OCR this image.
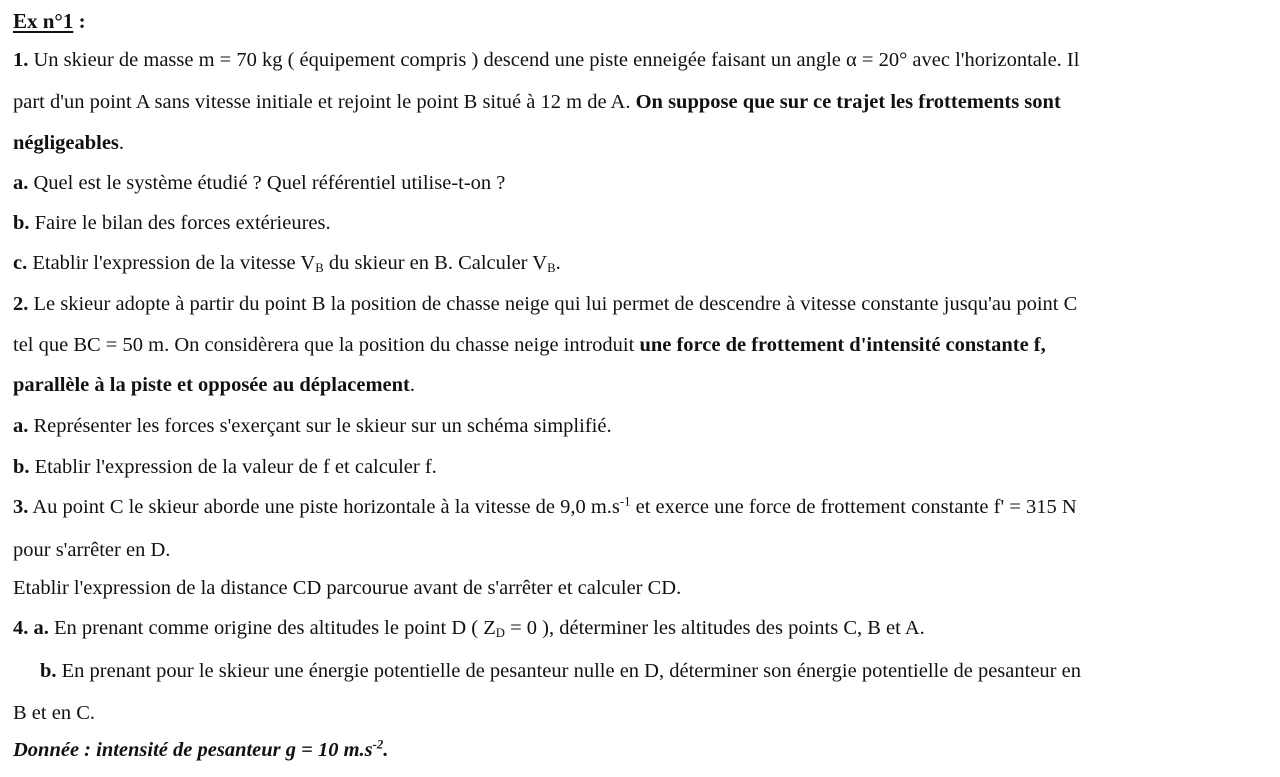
Ex n°1 :
1. Un skieur de masse m = 70 kg ( équipement compris ) descend une piste enneigée faisant un angle α = 20° avec l'horizontale. Il
part d'un point A sans vitesse initiale et rejoint le point B situé à 12 m de A. On suppose que sur ce trajet les frottements sont
négligeables.
a. Quel est le système étudié ? Quel référentiel utilise-t-on ?
b. Faire le bilan des forces extérieures.
c. Etablir l'expression de la vitesse $V_B$ du skieur en B. Calculer $V_B$.
2. Le skieur adopte à partir du point B la position de chasse neige qui lui permet de descendre à vitesse constante jusqu'au point C
tel que BC = 50 m. On considèrera que la position du chasse neige introduit une force de frottement d'intensité constante f,
parallèle à la piste et opposée au déplacement.
a. Représenter les forces s'exerçant sur le skieur sur un schéma simplifié.
b. Etablir l'expression de la valeur de f et calculer f.
3. Au point C le skieur aborde une piste horizontale à la vitesse de 9,0 $m.s^{-1}$ et exerce une force de frottement constante f' = 315 N
pour s'arrêter en D.
Etablir l'expression de la distance CD parcourue avant de s'arrêter et calculer CD.
4. a. En prenant comme origine des altitudes le point D ( $Z_D = 0$ ), déterminer les altitudes des points C, B et A.
b. En prenant pour le skieur une énergie potentielle de pesanteur nulle en D, déterminer son énergie potentielle de pesanteur en
B et en C.
Donnée : intensité de pesanteur g = 10 $m.s^{-2}$.
